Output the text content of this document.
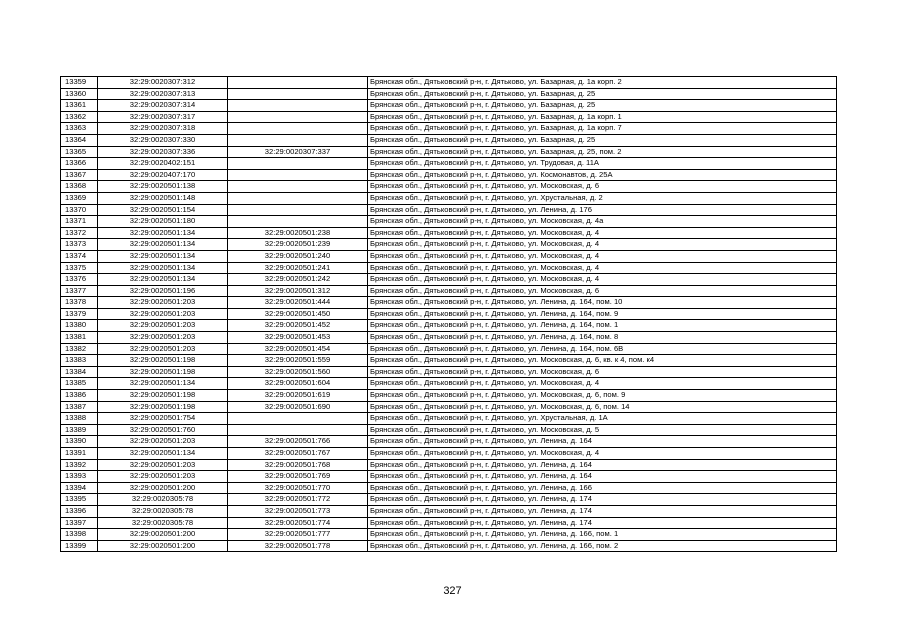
13359	32:29:0020307:312		Брянская обл., Дятьковский р-н, г. Дятьково, ул. Базарная, д. 1а корп. 2
13360	32:29:0020307:313		Брянская обл., Дятьковский р-н, г. Дятьково, ул. Базарная, д. 25
13361	32:29:0020307:314		Брянская обл., Дятьковский р-н, г. Дятьково, ул. Базарная, д. 25
13362	32:29:0020307:317		Брянская обл., Дятьковский р-н, г. Дятьково, ул. Базарная, д. 1а корп. 1
13363	32:29:0020307:318		Брянская обл., Дятьковский р-н, г. Дятьково, ул. Базарная, д. 1а корп. 7
13364	32:29:0020307:330		Брянская обл., Дятьковский р-н, г. Дятьково, ул. Базарная, д. 25
13365	32:29:0020307:336	32:29:0020307:337	Брянская обл., Дятьковский р-н, г. Дятьково, ул. Базарная, д. 25, пом. 2
13366	32:29:0020402:151		Брянская обл., Дятьковский р-н, г. Дятьково, ул. Трудовая, д. 11А
13367	32:29:0020407:170		Брянская обл., Дятьковский р-н, г. Дятьково, ул. Космонавтов, д. 25А
13368	32:29:0020501:138		Брянская обл., Дятьковский р-н, г. Дятьково, ул. Московская, д. 6
13369	32:29:0020501:148		Брянская обл., Дятьковский р-н, г. Дятьково, ул. Хрустальная, д. 2
13370	32:29:0020501:154		Брянская обл., Дятьковский р-н, г. Дятьково, ул. Ленина, д. 176
13371	32:29:0020501:180		Брянская обл., Дятьковский р-н, г. Дятьково, ул. Московская, д. 4а
13372	32:29:0020501:134	32:29:0020501:238	Брянская обл., Дятьковский р-н, г. Дятьково, ул. Московская, д. 4
13373	32:29:0020501:134	32:29:0020501:239	Брянская обл., Дятьковский р-н, г. Дятьково, ул. Московская, д. 4
13374	32:29:0020501:134	32:29:0020501:240	Брянская обл., Дятьковский р-н, г. Дятьково, ул. Московская, д. 4
13375	32:29:0020501:134	32:29:0020501:241	Брянская обл., Дятьковский р-н, г. Дятьково, ул. Московская, д. 4
13376	32:29:0020501:134	32:29:0020501:242	Брянская обл., Дятьковский р-н, г. Дятьково, ул. Московская, д. 4
13377	32:29:0020501:196	32:29:0020501:312	Брянская обл., Дятьковский р-н, г. Дятьково, ул. Московская, д. 6
13378	32:29:0020501:203	32:29:0020501:444	Брянская обл., Дятьковский р-н, г. Дятьково, ул. Ленина, д. 164, пом. 10
13379	32:29:0020501:203	32:29:0020501:450	Брянская обл., Дятьковский р-н, г. Дятьково, ул. Ленина, д. 164, пом. 9
13380	32:29:0020501:203	32:29:0020501:452	Брянская обл., Дятьковский р-н, г. Дятьково, ул. Ленина, д. 164, пом. 1
13381	32:29:0020501:203	32:29:0020501:453	Брянская обл., Дятьковский р-н, г. Дятьково, ул. Ленина, д. 164, пом. 8
13382	32:29:0020501:203	32:29:0020501:454	Брянская обл., Дятьковский р-н, г. Дятьково, ул. Ленина, д. 164, пом. 6В
13383	32:29:0020501:198	32:29:0020501:559	Брянская обл., Дятьковский р-н, г. Дятьково, ул. Московская, д. 6, кв. к 4, пом. к4
13384	32:29:0020501:198	32:29:0020501:560	Брянская обл., Дятьковский р-н, г. Дятьково, ул. Московская, д. 6
13385	32:29:0020501:134	32:29:0020501:604	Брянская обл., Дятьковский р-н, г. Дятьково, ул. Московская, д. 4
13386	32:29:0020501:198	32:29:0020501:619	Брянская обл., Дятьковский р-н, г. Дятьково, ул. Московская, д. 6, пом. 9
13387	32:29:0020501:198	32:29:0020501:690	Брянская обл., Дятьковский р-н, г. Дятьково, ул. Московская, д. 6, пом. 14
13388	32:29:0020501:754		Брянская обл., Дятьковский р-н, г. Дятьково, ул. Хрустальная, д. 1А
13389	32:29:0020501:760		Брянская обл., Дятьковский р-н, г. Дятьково, ул. Московская, д. 5
13390	32:29:0020501:203	32:29:0020501:766	Брянская обл., Дятьковский р-н, г. Дятьково, ул. Ленина, д. 164
13391	32:29:0020501:134	32:29:0020501:767	Брянская обл., Дятьковский р-н, г. Дятьково, ул. Московская, д. 4
13392	32:29:0020501:203	32:29:0020501:768	Брянская обл., Дятьковский р-н, г. Дятьково, ул. Ленина, д. 164
13393	32:29:0020501:203	32:29:0020501:769	Брянская обл., Дятьковский р-н, г. Дятьково, ул. Ленина, д. 164
13394	32:29:0020501:200	32:29:0020501:770	Брянская обл., Дятьковский р-н, г. Дятьково, ул. Ленина, д. 166
13395	32:29:0020305:78	32:29:0020501:772	Брянская обл., Дятьковский р-н, г. Дятьково, ул. Ленина, д. 174
13396	32:29:0020305:78	32:29:0020501:773	Брянская обл., Дятьковский р-н, г. Дятьково, ул. Ленина, д. 174
13397	32:29:0020305:78	32:29:0020501:774	Брянская обл., Дятьковский р-н, г. Дятьково, ул. Ленина, д. 174
13398	32:29:0020501:200	32:29:0020501:777	Брянская обл., Дятьковский р-н, г. Дятьково, ул. Ленина, д. 166, пом. 1
13399	32:29:0020501:200	32:29:0020501:778	Брянская обл., Дятьковский р-н, г. Дятьково, ул. Ленина, д. 166, пом. 2
327
